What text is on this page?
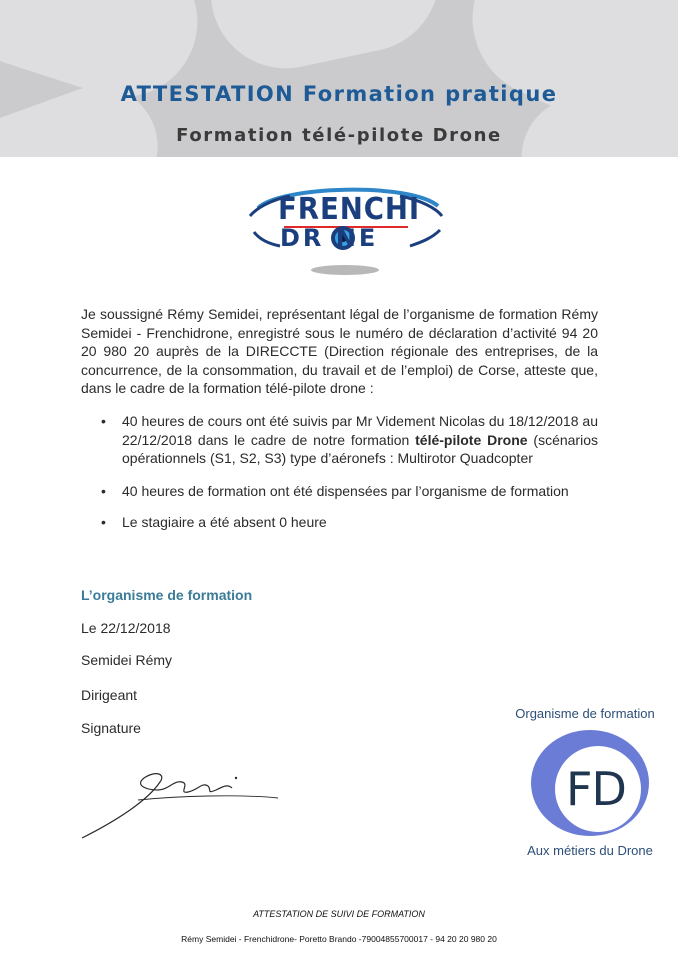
ATTESTATION Formation pratique
Formation télé-pilote Drone
FRENCHI
DR NE
Je soussigné Rémy Semidei, représentant légal de l’organisme de formation Rémy Semidei - Frenchidrone, enregistré sous le numéro de déclaration d’activité 94 20 20 980 20 auprès de la DIRECCTE (Direction régionale des entreprises, de la concurrence, de la consommation, du travail et de l’emploi) de Corse, atteste que, dans le cadre de la formation télé-pilote drone :
• 40 heures de cours ont été suivis par Mr Videment Nicolas du 18/12/2018 au 22/12/2018 dans le cadre de notre formation télé-pilote Drone (scénarios opérationnels (S1, S2, S3) type d’aéronefs : Multirotor Quadcopter
• 40 heures de formation ont été dispensées par l’organisme de formation
• Le stagiaire a été absent 0 heure
L’organisme de formation
Le 22/12/2018
Semidei Rémy
Dirigeant
Signature
Organisme de formation
FD
Aux métiers du Drone
ATTESTATION DE SUIVI DE FORMATION
Rémy Semidei - Frenchidrone- Poretto Brando -79004855700017 - 94 20 20 980 20
